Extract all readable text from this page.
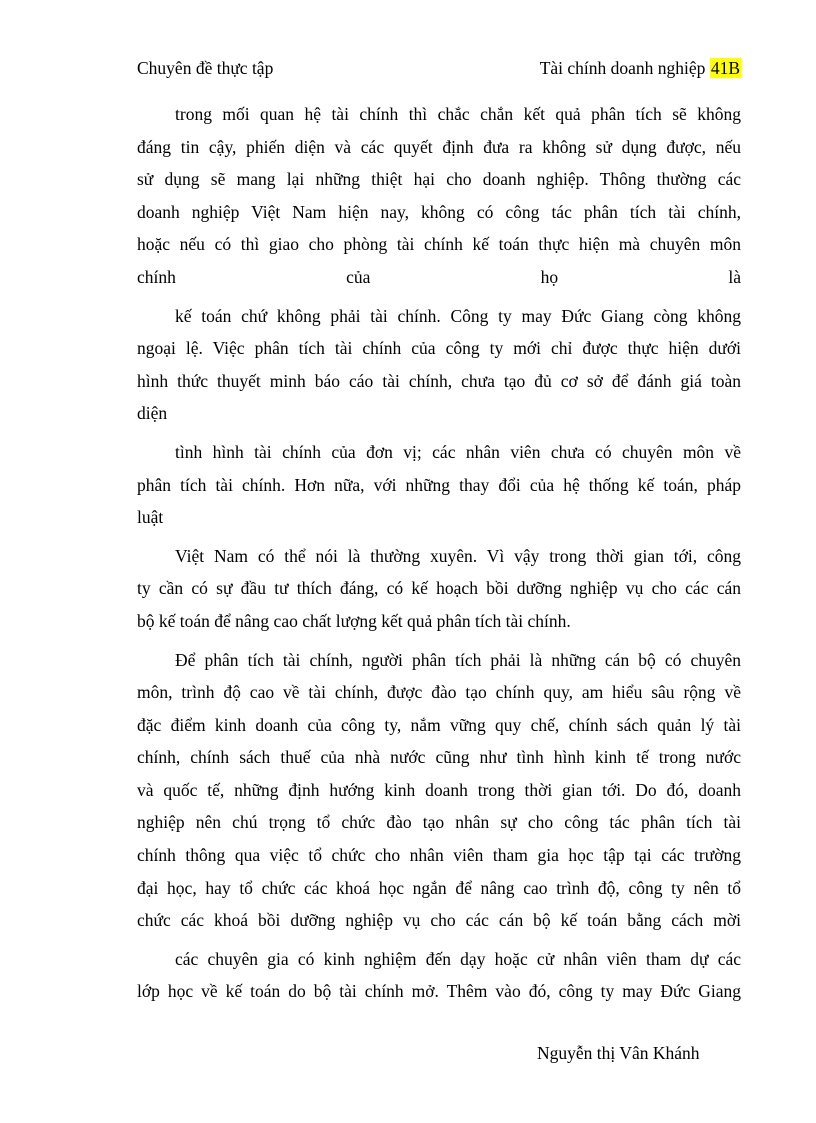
Chuyên đề thực tập	Tài chính doanh nghiệp 41B
trong mối quan hệ tài chính thì chắc chắn kết quả phân tích sẽ không
đáng tin cậy, phiến diện và các quyết định đưa ra không sử dụng được, nếu
sử dụng sẽ mang lại những thiệt hại cho doanh nghiệp. Thông thường các
doanh nghiệp Việt Nam hiện nay, không có công tác phân tích tài chính,
hoặc nếu có thì giao cho phòng tài chính kế toán thực hiện mà chuyên môn
chính của họ là
kế toán chứ không phải tài chính. Công ty may Đức Giang còng không
ngoại lệ. Việc phân tích tài chính của công ty mới chỉ được thực hiện dưới
hình thức thuyết minh báo cáo tài chính, chưa tạo đủ cơ sở để đánh giá toàn
diện
tình hình tài chính của đơn vị; các nhân viên chưa có chuyên môn về
phân tích tài chính. Hơn nữa, với những thay đổi của hệ thống kế toán, pháp
luật
Việt Nam có thể nói là thường xuyên. Vì vậy trong thời gian tới, công
ty cần có sự đầu tư thích đáng, có kế hoạch bồi dưỡng nghiệp vụ cho các cán
bộ kế toán để nâng cao chất lượng kết quả phân tích tài chính.
Để phân tích tài chính, người phân tích phải là những cán bộ có chuyên
môn, trình độ cao về tài chính, được đào tạo chính quy, am hiểu sâu rộng về
đặc điểm kinh doanh của công ty, nắm vững quy chế, chính sách quản lý tài
chính, chính sách thuế của nhà nước cũng như tình hình kinh tế trong nước
và quốc tế, những định hướng kinh doanh trong thời gian tới. Do đó, doanh
nghiệp nên chú trọng tổ chức đào tạo nhân sự cho công tác phân tích tài
chính thông qua việc tổ chức cho nhân viên tham gia học tập tại các trường
đại học, hay tổ chức các khoá học ngắn để nâng cao trình độ, công ty nên tổ
chức các khoá bồi dưỡng nghiệp vụ cho các cán bộ kế toán bằng cách mời
các chuyên gia có kinh nghiệm đến dạy hoặc cử nhân viên tham dự các
lớp học về kế toán do bộ tài chính mở. Thêm vào đó, công ty may Đức Giang
Nguyễn thị Vân Khánh
